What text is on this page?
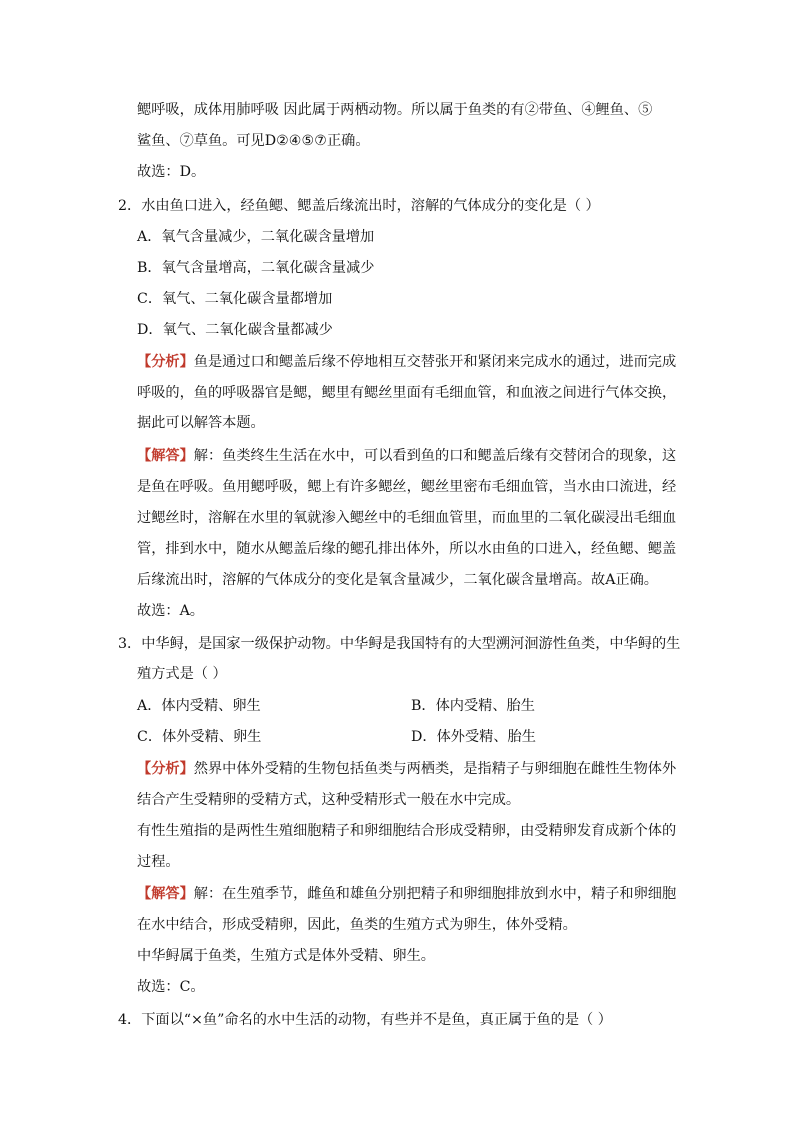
鳃呼吸，成体用肺呼吸 因此属于两栖动物。所以属于鱼类的有②带鱼、④鲤鱼、⑤
鲨鱼、⑦草鱼。可见D②④⑤⑦正确。
故选：D。
2．水由鱼口进入，经鱼鳃、鳃盖后缘流出时，溶解的气体成分的变化是（ ）
A．氧气含量减少，二氧化碳含量增加
B．氧气含量增高，二氧化碳含量减少
C．氧气、二氧化碳含量都增加
D．氧气、二氧化碳含量都减少
【分析】鱼是通过口和鳃盖后缘不停地相互交替张开和紧闭来完成水的通过，进而完成
呼吸的，鱼的呼吸器官是鳃，鳃里有鳃丝里面有毛细血管，和血液之间进行气体交换，
据此可以解答本题。
【解答】解：鱼类终生生活在水中，可以看到鱼的口和鳃盖后缘有交替闭合的现象，这
是鱼在呼吸。鱼用鳃呼吸，鳃上有许多鳃丝，鳃丝里密布毛细血管，当水由口流进，经
过鳃丝时，溶解在水里的氧就渗入鳃丝中的毛细血管里，而血里的二氧化碳浸出毛细血
管，排到水中，随水从鳃盖后缘的鳃孔排出体外，所以水由鱼的口进入，经鱼鳃、鳃盖
后缘流出时，溶解的气体成分的变化是氧含量减少，二氧化碳含量增高。故A正确。
故选：A。
3．中华鲟，是国家一级保护动物。中华鲟是我国特有的大型溯河洄游性鱼类，中华鲟的生
殖方式是（ ）
A．体内受精、卵生	B．体内受精、胎生
C．体外受精、卵生	D．体外受精、胎生
【分析】然界中体外受精的生物包括鱼类与两栖类，是指精子与卵细胞在雌性生物体外
结合产生受精卵的受精方式，这种受精形式一般在水中完成。
有性生殖指的是两性生殖细胞精子和卵细胞结合形成受精卵，由受精卵发育成新个体的
过程。
【解答】解：在生殖季节，雌鱼和雄鱼分别把精子和卵细胞排放到水中，精子和卵细胞
在水中结合，形成受精卵，因此，鱼类的生殖方式为卵生，体外受精。
中华鲟属于鱼类，生殖方式是体外受精、卵生。
故选：C。
4．下面以“×鱼”命名的水中生活的动物，有些并不是鱼，真正属于鱼的是（ ）
